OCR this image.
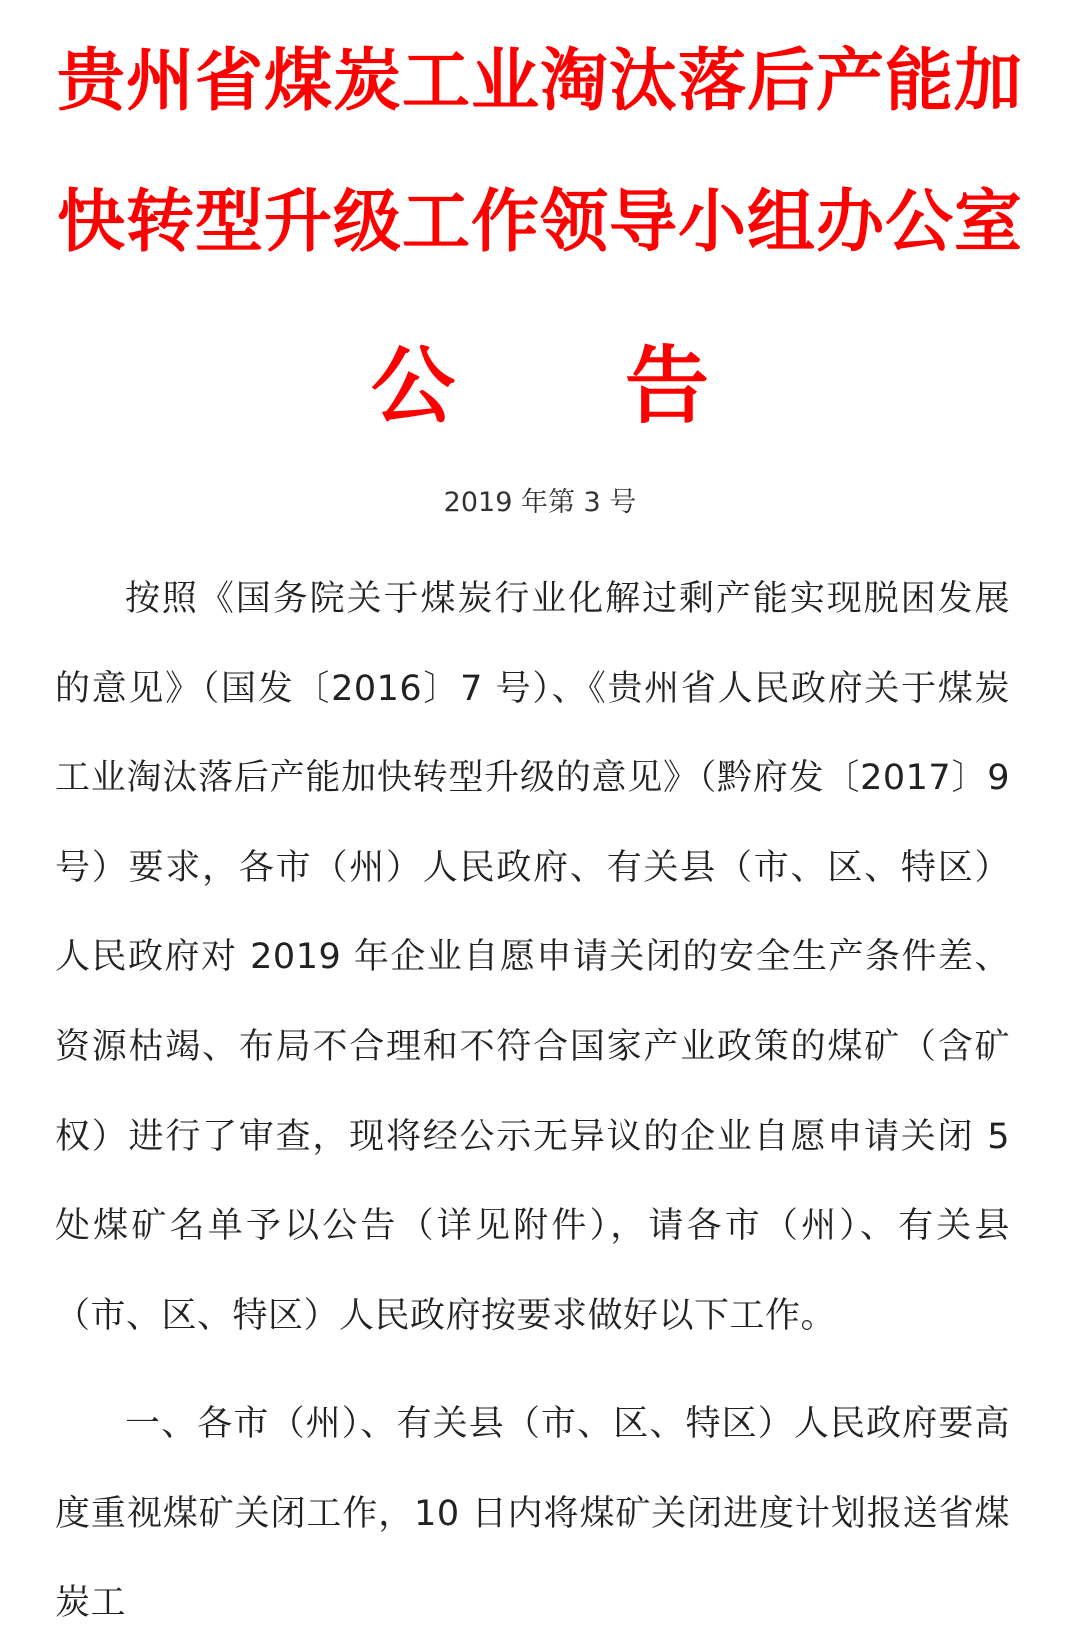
贵州省煤炭工业淘汰落后产能加
快转型升级工作领导小组办公室
公 告
2019 年第 3 号

按照《国务院关于煤炭行业化解过剩产能实现脱困发展的意见》（国发〔2016〕7 号）、《贵州省人民政府关于煤炭工业淘汰落后产能加快转型升级的意见》（黔府发〔2017〕9 号）要求，各市（州）人民政府、有关县（市、区、特区）人民政府对 2019 年企业自愿申请关闭的安全生产条件差、资源枯竭、布局不合理和不符合国家产业政策的煤矿（含矿权）进行了审查，现将经公示无异议的企业自愿申请关闭 5 处煤矿名单予以公告（详见附件），请各市（州）、有关县（市、区、特区）人民政府按要求做好以下工作。

一、各市（州）、有关县（市、区、特区）人民政府要高度重视煤矿关闭工作，10 日内将煤矿关闭进度计划报送省煤炭工
